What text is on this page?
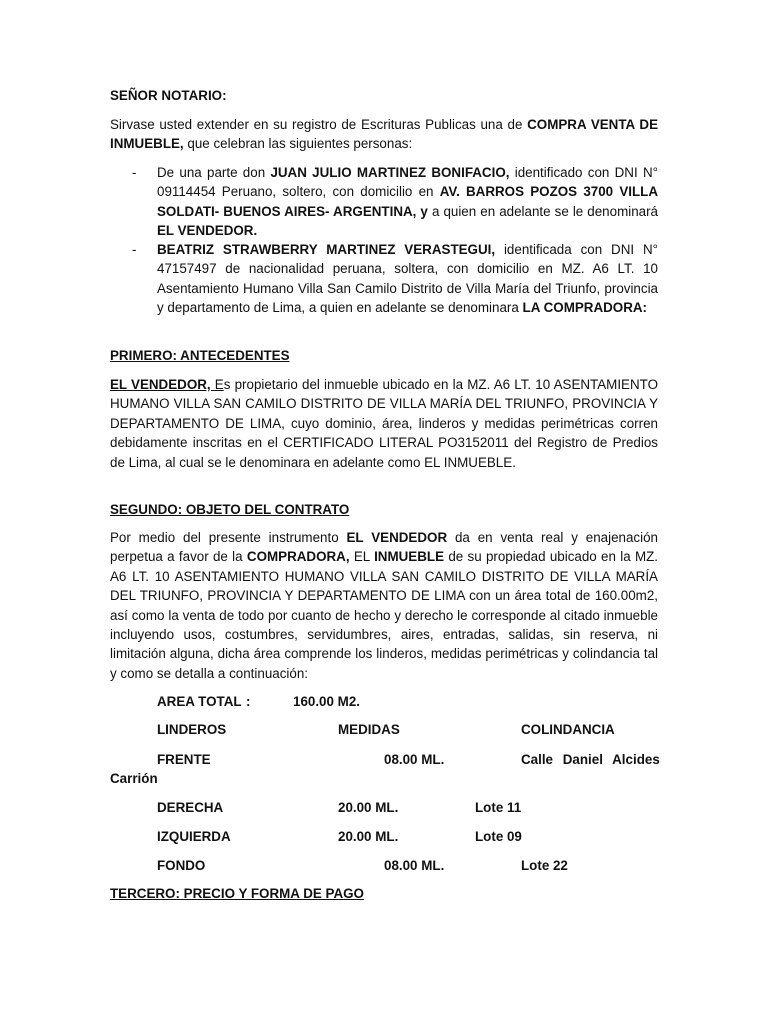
SEÑOR NOTARIO:
Sirvase usted extender en su registro de Escrituras Publicas una de COMPRA VENTA DE INMUEBLE, que celebran las siguientes personas:
- De una parte don JUAN JULIO MARTINEZ BONIFACIO, identificado con DNI N° 09114454 Peruano, soltero, con domicilio en AV. BARROS POZOS 3700 VILLA SOLDATI- BUENOS AIRES- ARGENTINA, y a quien en adelante se le denominará EL VENDEDOR.
- BEATRIZ STRAWBERRY MARTINEZ VERASTEGUI, identificada con DNI N° 47157497 de nacionalidad peruana, soltera, con domicilio en MZ. A6 LT. 10 Asentamiento Humano Villa San Camilo Distrito de Villa María del Triunfo, provincia y departamento de Lima, a quien en adelante se denominara LA COMPRADORA:
PRIMERO: ANTECEDENTES
EL VENDEDOR, Es propietario del inmueble ubicado en la MZ. A6 LT. 10 ASENTAMIENTO HUMANO VILLA SAN CAMILO DISTRITO DE VILLA MARÍA DEL TRIUNFO, PROVINCIA Y DEPARTAMENTO DE LIMA, cuyo dominio, área, linderos y medidas perimétricas corren debidamente inscritas en el CERTIFICADO LITERAL PO3152011 del Registro de Predios de Lima, al cual se le denominara en adelante como EL INMUEBLE.
SEGUNDO: OBJETO DEL CONTRATO
Por medio del presente instrumento EL VENDEDOR da en venta real y enajenación perpetua a favor de la COMPRADORA, EL INMUEBLE de su propiedad ubicado en la MZ. A6 LT. 10 ASENTAMIENTO HUMANO VILLA SAN CAMILO DISTRITO DE VILLA MARÍA DEL TRIUNFO, PROVINCIA Y DEPARTAMENTO DE LIMA con un área total de 160.00m2, así como la venta de todo por cuanto de hecho y derecho le corresponde al citado inmueble incluyendo usos, costumbres, servidumbres, aires, entradas, salidas, sin reserva, ni limitación alguna, dicha área comprende los linderos, medidas perimétricas y colindancia tal y como se detalla a continuación:
AREA TOTAL :	160.00 M2.
LINDEROS	MEDIDAS	COLINDANCIA
FRENTE	08.00 ML.	Calle Daniel Alcides
Carrión
DERECHA	20.00 ML.	Lote 11
IZQUIERDA	20.00 ML.	Lote 09
FONDO	08.00 ML.	Lote 22
TERCERO: PRECIO Y FORMA DE PAGO
